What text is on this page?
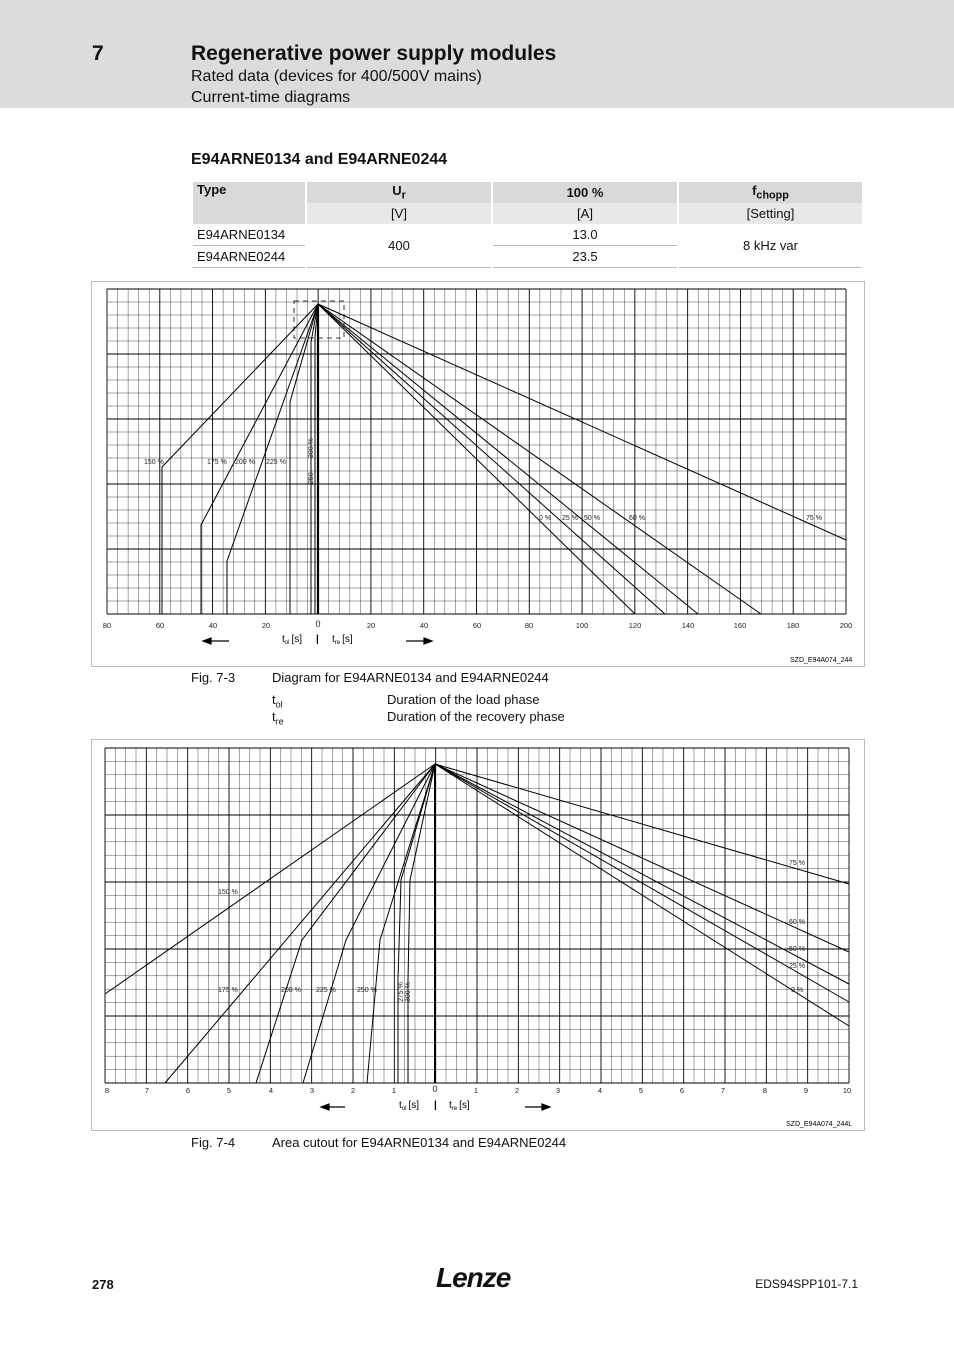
7	Regenerative power supply modules
Rated data (devices for 400/500V mains)
Current-time diagrams
E94ARNE0134 and E94ARNE0244
Type	$U_r$	100 %	$f_{chopp}$
	[V]	[A]	[Setting]
E94ARNE0134	400	13.0	8 kHz var
E94ARNE0244		23.5	
150 %	175 % 200 % 225 %
250
300 %
0 % 25 % 50 %	60 %	75 %
80	60	40	20	0	20	40	60	80	100	120	140	160	180	200
$t_{ol}$ [s] | $t_{re}$ [s]
SZD_E94A074_244
Fig. 7-3	Diagram for E94ARNE0134 and E94ARNE0244
$t_{ol}$	Duration of the load phase
$t_{re}$	Duration of the recovery phase
150 %
175 %	200 % 225 %	250 %	275 % 300 %
75 %
60 %
50 %
25 %
0 %
8	7	6	5	4	3	2	1	0	1	2	3	4	5	6	7	8	9	10
$t_{ol}$ [s] | $t_{re}$ [s]
SZD_E94A074_244L
Fig. 7-4	Area cutout for E94ARNE0134 and E94ARNE0244
278	Lenze	EDS94SPP101-7.1
